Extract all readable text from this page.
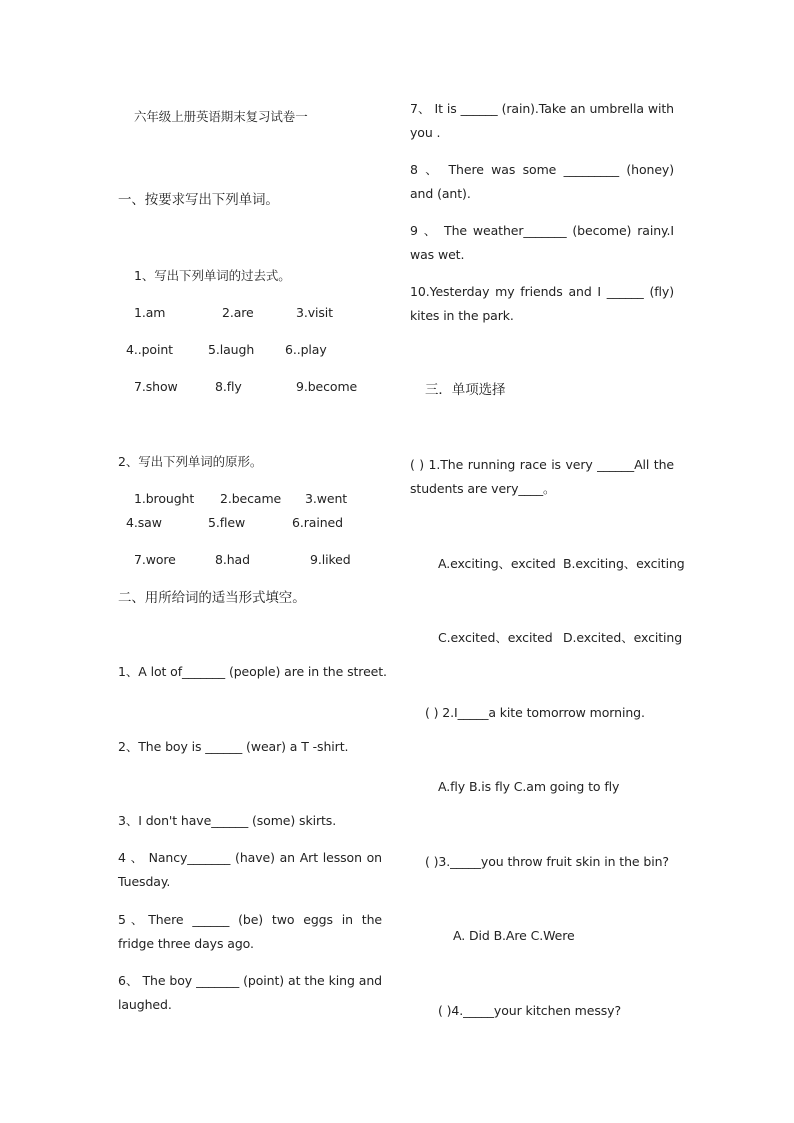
六年级上册英语期末复习试卷一
一、按要求写出下列单词。
1、写出下列单词的过去式。
1.am	2.are	3.visit
4..point	5.laugh 6..play
7.show	8.fly	9.become
2、写出下列单词的原形。
1.brought 2.became 3.went
4.saw	5.flew	6.rained
7.wore	8.had	9.liked
二、用所给词的适当形式填空。
1、A lot of_______ (people) are in the street.
2、The boy is ______ (wear) a T -shirt.
3、I don't have______ (some) skirts.
4 、 Nancy_______ (have) an Art lesson on Tuesday.
5、There ______ (be) two eggs in the fridge three days ago.
6、 The boy _______ (point) at the king and laughed.
7、 It is ______ (rain).Take an umbrella with you .
8 、 There was some _________ (honey) and (ant).
9 、 The weather_______ (become) rainy.I was wet.
10.Yesterday my friends and I ______ (fly) kites in the park.
三．单项选择
( ) 1.The running race is very ______All the students are very____。
A.exciting、excited B.exciting、exciting
C.excited、excited D.excited、exciting
( ) 2.I_____a kite tomorrow morning.
A.fly B.is fly C.am going to fly
( )3._____you throw fruit skin in the bin?
A. Did B.Are C.Were
( )4._____your kitchen messy?
